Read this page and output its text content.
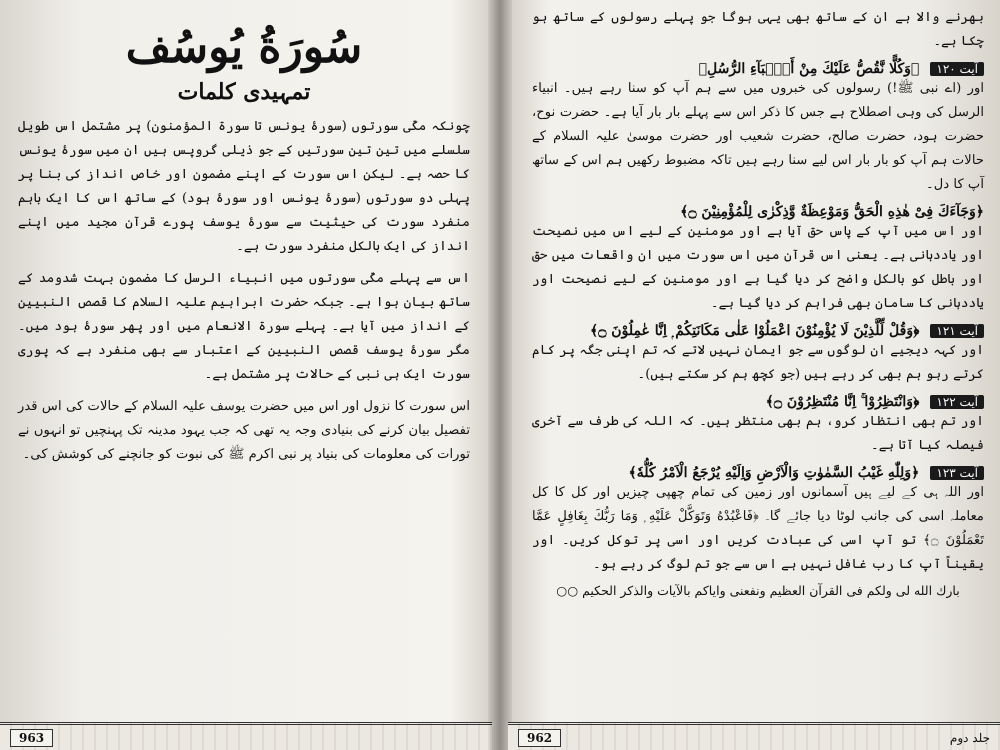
سُورَةُ يُوسُف
تمہیدی کلمات

چونکہ مکّی سورتوں (سورۂ یونس تا سورۃ المؤمنون) پر مشتمل اس طویل سلسلے میں تین تین سورتیں کے جو ذیلی گروپس ہیں ان میں سورۂ یونس کا حصہ ہے۔ لیکن اس سورت کے اپنے مضمون اور خاص انداز کی بنا پر پہلی دو سورتوں (سورۂ یونس اور سورۂ ہود) کے ساتھ اس کا ایک باہم منفرد سورت کی حیثیت سے سورۂ یوسف پورے قرآن مجید میں اپنے انداز کی ایک بالکل منفرد سورت ہے۔

اس سے پہلے مکّی سورتوں میں انبیاء الرسل کا مضمون بہت شدومد کے ساتھ بیان ہوا ہے۔ جبکہ حضرت ابراہیم علیہ السلام کا قصص النبیین کے انداز میں آیا ہے۔ پہلے سورۃ الانعام میں اور پھر سورۂ ہود میں۔ مگر سورۂ یوسف قصص النبیین کے اعتبار سے بھی منفرد ہے کہ پوری سورت ایک ہی نبی کے حالات پر مشتمل ہے۔

اس سورت کا نزول اور اس میں حضرت یوسف علیہ السلام کے حالات کی اس قدر تفصیل بیان کرنے کی بنیادی وجہ یہ تھی کہ جب یہود مدینہ تک پہنچیں تو انہوں نے تورات کی معلومات کی بنیاد پر نبی اکرم ﷺ کی نبوت کو جانچنے کی کوشش کی۔

963

بھرنے والا ہے ان کے ساتھ بھی یہی ہوگا جو پہلے رسولوں کے ساتھ ہو چکا ہے۔

آیت ۱۲۰ ﴿وَكُلًّا نَّقُصُّ عَلَيْكَ مِنْ أَنْۢبَآءِ الرُّسُلِ﴾

اور (اے نبی ﷺ!) رسولوں کی خبروں میں سے ہم آپ کو سنا رہے ہیں۔ انبیاء الرسل کی وہی اصطلاح ہے جس کا ذکر اس سے پہلے بار بار آیا ہے۔ حضرت نوح، حضرت ہود، حضرت صالح، حضرت شعیب اور حضرت موسیٰ علیہ السلام کے حالات ہم آپ کو بار بار اس لیے سنا رہے ہیں تاکہ مضبوط رکھیں ہم اس کے ساتھ آپ کا دل۔

﴿وَجَآءَكَ فِىْ هٰذِهِ الْحَقُّ وَمَوْعِظَةٌ وَّذِكْرٰى لِلْمُؤْمِنِيْنَ ۝﴾

اور اس میں آپ کے پاس حق آیا ہے اور مومنین کے لیے اس میں نصیحت اور یاددہانی ہے۔ یعنی اس قرآن میں اس سورت میں ان واقعات میں حق اور باطل کو بالکل واضح کر دیا گیا ہے اور مومنین کے لیے نصیحت اور یاددہانی کا سامان بھی فراہم کر دیا گیا ہے۔

آیت ۱۲۱ ﴿وَقُلْ لِّلَّذِيْنَ لَا يُؤْمِنُوْنَ اعْمَلُوْا عَلٰى مَكَانَتِكُمْ ۭ اِنَّا عٰمِلُوْنَ ۝﴾

اور کہہ دیجیے ان لوگوں سے جو ایمان نہیں لاتے کہ تم اپنی جگہ پر کام کرتے رہو ہم بھی کر رہے ہیں (جو کچھ ہم کر سکتے ہیں)۔

آیت ۱۲۲ ﴿وَانْتَظِرُوْا ۚ اِنَّا مُنْتَظِرُوْنَ ۝﴾

اور تم بھی انتظار کرو، ہم بھی منتظر ہیں۔ کہ اللہ کی طرف سے آخری فیصلہ کیا آتا ہے۔

آیت ۱۲۳ ﴿وَلِلّٰهِ غَيْبُ السَّمٰوٰتِ وَالْاَرْضِ وَاِلَيْهِ يُرْجَعُ الْاَمْرُ كُلُّهٗ﴾

اور اللہ ہی کے لیے ہیں آسمانوں اور زمین کی تمام چھپی چیزیں اور کل کا کل معاملہ اسی کی جانب لوٹا دیا جائے گا۔ ﴿فَاعْبُدْهُ وَتَوَكَّلْ عَلَيْهِ ۭ وَمَا رَبُّكَ بِغَافِلٍ عَمَّا تَعْمَلُوْنَ ۝﴾ تو آپ اسی کی عبادت کریں اور اسی پر توکل کریں۔ اور یقیناً آپ کا رب غافل نہیں ہے اس سے جو تم لوگ کر رہے ہو۔

بارك الله لى ولكم فى القرآن العظيم ونفعنى واياكم بالآيات والذكر الحكيم ○○
جلد دوم
962
